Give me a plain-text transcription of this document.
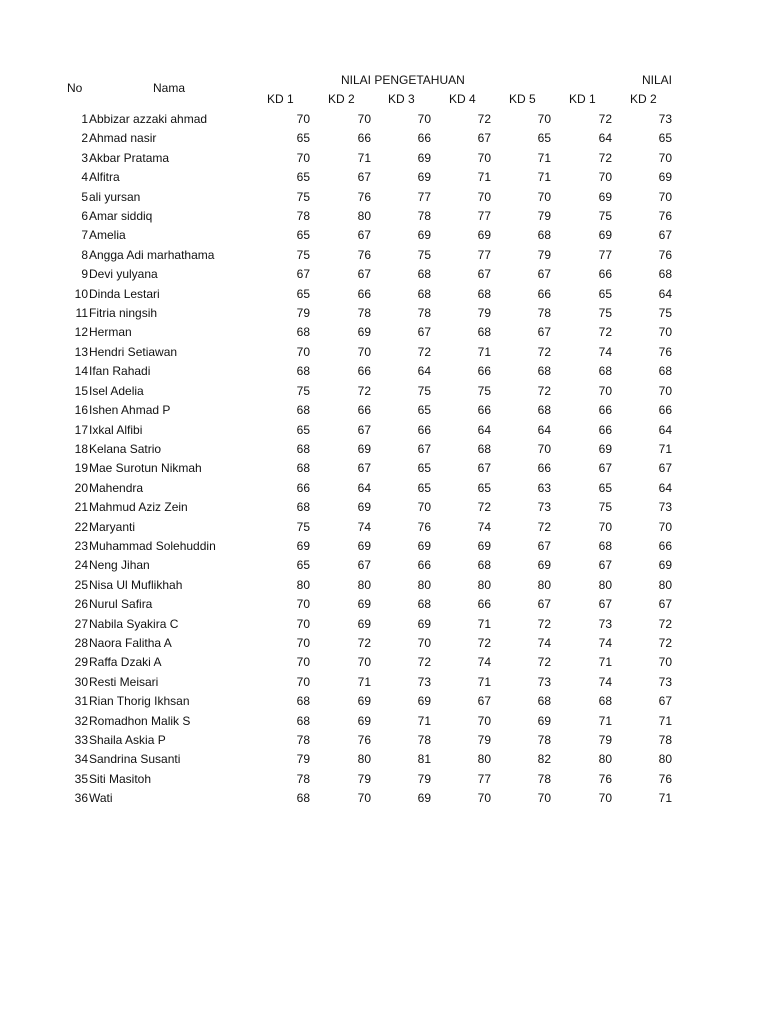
No	Nama
NILAI PENGETAHUAN	NILAI
KD 1	KD 2	KD 3	KD 4	KD 5	KD 1	KD 2
1 Abbizar azzaki ahmad	70	70	70	72	70	72	73
2 Ahmad nasir	65	66	66	67	65	64	65
3 Akbar Pratama	70	71	69	70	71	72	70
4 Alfitra	65	67	69	71	71	70	69
5 ali yursan	75	76	77	70	70	69	70
6 Amar siddiq	78	80	78	77	79	75	76
7 Amelia	65	67	69	69	68	69	67
8 Angga Adi marhathama	75	76	75	77	79	77	76
9 Devi yulyana	67	67	68	67	67	66	68
10 Dinda Lestari	65	66	68	68	66	65	64
11 Fitria ningsih	79	78	78	79	78	75	75
12 Herman	68	69	67	68	67	72	70
13 Hendri Setiawan	70	70	72	71	72	74	76
14 Ifan Rahadi	68	66	64	66	68	68	68
15 Isel Adelia	75	72	75	75	72	70	70
16 Ishen Ahmad P	68	66	65	66	68	66	66
17 Ixkal Alfibi	65	67	66	64	64	66	64
18 Kelana Satrio	68	69	67	68	70	69	71
19 Mae Surotun Nikmah	68	67	65	67	66	67	67
20 Mahendra	66	64	65	65	63	65	64
21 Mahmud Aziz Zein	68	69	70	72	73	75	73
22 Maryanti	75	74	76	74	72	70	70
23 Muhammad Solehuddin	69	69	69	69	67	68	66
24 Neng Jihan	65	67	66	68	69	67	69
25 Nisa Ul Muflikhah	80	80	80	80	80	80	80
26 Nurul Safira	70	69	68	66	67	67	67
27 Nabila Syakira C	70	69	69	71	72	73	72
28 Naora Falitha A	70	72	70	72	74	74	72
29 Raffa Dzaki A	70	70	72	74	72	71	70
30 Resti Meisari	70	71	73	71	73	74	73
31 Rian Thorig Ikhsan	68	69	69	67	68	68	67
32 Romadhon Malik S	68	69	71	70	69	71	71
33 Shaila Askia P	78	76	78	79	78	79	78
34 Sandrina Susanti	79	80	81	80	82	80	80
35 Siti Masitoh	78	79	79	77	78	76	76
36 Wati	68	70	69	70	70	70	71
